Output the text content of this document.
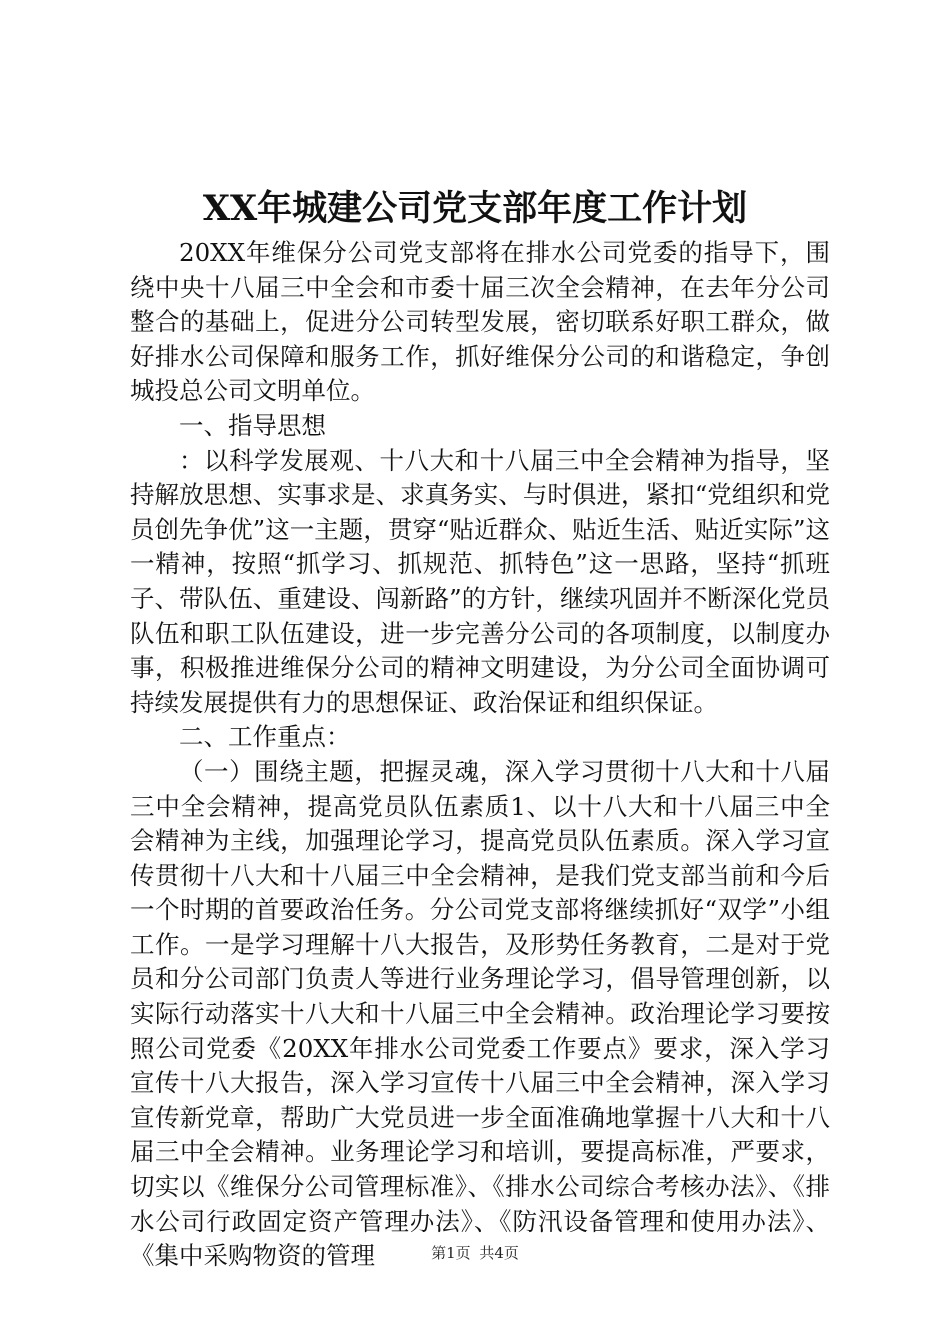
XX年城建公司党支部年度工作计划

20XX年维保分公司党支部将在排水公司党委的指导下，围绕中央十八届三中全会和市委十届三次全会精神，在去年分公司整合的基础上，促进分公司转型发展，密切联系好职工群众，做好排水公司保障和服务工作，抓好维保分公司的和谐稳定，争创城投总公司文明单位。

一、指导思想

：以科学发展观、十八大和十八届三中全会精神为指导，坚持解放思想、实事求是、求真务实、与时俱进，紧扣“党组织和党员创先争优”这一主题，贯穿“贴近群众、贴近生活、贴近实际”这一精神，按照“抓学习、抓规范、抓特色”这一思路，坚持“抓班子、带队伍、重建设、闯新路”的方针，继续巩固并不断深化党员队伍和职工队伍建设，进一步完善分公司的各项制度，以制度办事，积极推进维保分公司的精神文明建设，为分公司全面协调可持续发展提供有力的思想保证、政治保证和组织保证。

二、工作重点：

（一）围绕主题，把握灵魂，深入学习贯彻十八大和十八届三中全会精神，提高党员队伍素质1、以十八大和十八届三中全会精神为主线，加强理论学习，提高党员队伍素质。深入学习宣传贯彻十八大和十八届三中全会精神，是我们党支部当前和今后一个时期的首要政治任务。分公司党支部将继续抓好“双学”小组工作。一是学习理解十八大报告，及形势任务教育，二是对于党员和分公司部门负责人等进行业务理论学习，倡导管理创新，以实际行动落实十八大和十八届三中全会精神。政治理论学习要按照公司党委《20XX年排水公司党委工作要点》要求，深入学习宣传十八大报告，深入学习宣传十八届三中全会精神，深入学习宣传新党章，帮助广大党员进一步全面准确地掌握十八大和十八届三中全会精神。业务理论学习和培训，要提高标准，严要求，切实以《维保分公司管理标准》、《排水公司综合考核办法》、《排水公司行政固定资产管理办法》、《防汛设备管理和使用办法》、《集中采购物资的管理	第1页 共4页
